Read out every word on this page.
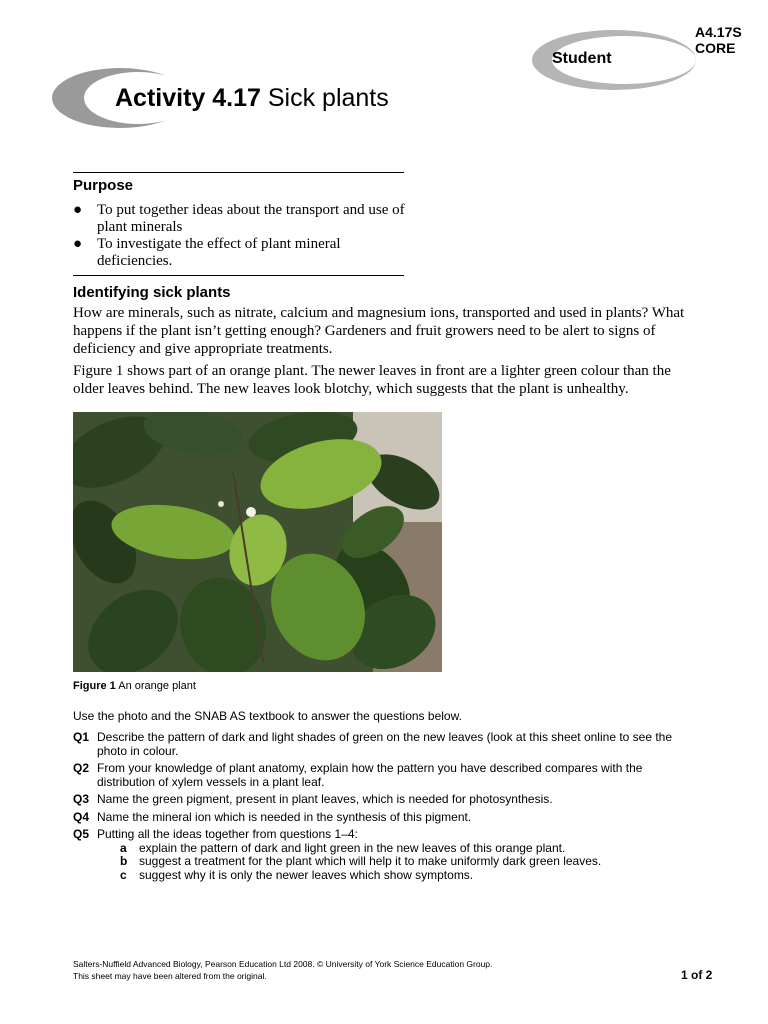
A4.17S
CORE
Student
Activity 4.17 Sick plants
Purpose
● To put together ideas about the transport and use of plant minerals
● To investigate the effect of plant mineral deficiencies.
Identifying sick plants
How are minerals, such as nitrate, calcium and magnesium ions, transported and used in plants? What happens if the plant isn’t getting enough? Gardeners and fruit growers need to be alert to signs of deficiency and give appropriate treatments.
Figure 1 shows part of an orange plant. The newer leaves in front are a lighter green colour than the older leaves behind. The new leaves look blotchy, which suggests that the plant is unhealthy.
Figure 1 An orange plant
Use the photo and the SNAB AS textbook to answer the questions below.
Q1 Describe the pattern of dark and light shades of green on the new leaves (look at this sheet online to see the photo in colour.
Q2 From your knowledge of plant anatomy, explain how the pattern you have described compares with the distribution of xylem vessels in a plant leaf.
Q3 Name the green pigment, present in plant leaves, which is needed for photosynthesis.
Q4 Name the mineral ion which is needed in the synthesis of this pigment.
Q5 Putting all the ideas together from questions 1–4:
a explain the pattern of dark and light green in the new leaves of this orange plant.
b suggest a treatment for the plant which will help it to make uniformly dark green leaves.
c suggest why it is only the newer leaves which show symptoms.
Salters-Nuffield Advanced Biology, Pearson Education Ltd 2008. © University of York Science Education Group.
This sheet may have been altered from the original.	1 of 2
